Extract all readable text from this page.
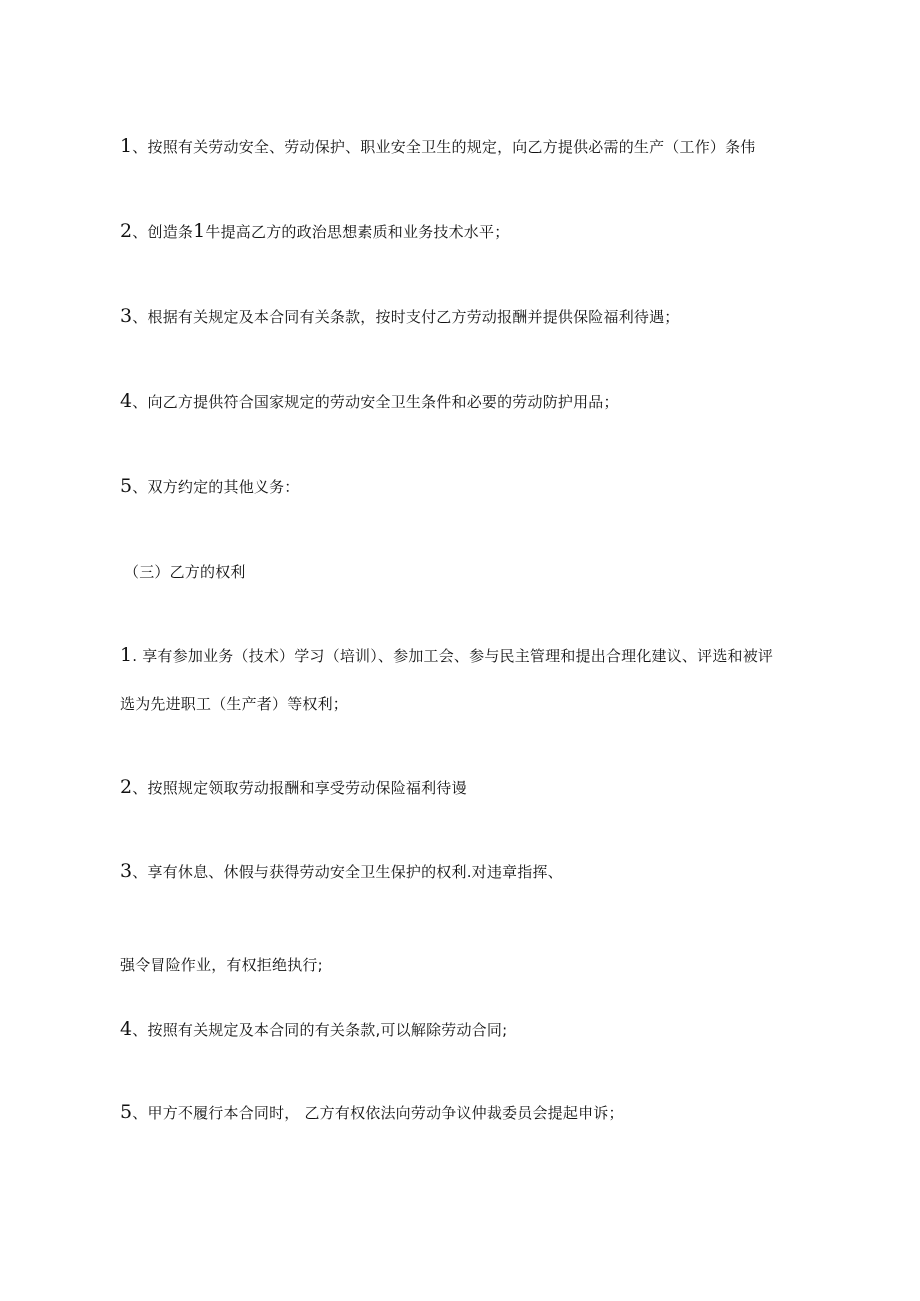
1、按照有关劳动安全、劳动保护、职业安全卫生的规定，向乙方提供必需的生产（工作）条伟
2、创造条1牛提高乙方的政治思想素质和业务技术水平；
3、根据有关规定及本合同有关条款，按时支付乙方劳动报酬并提供保险福利待遇；
4、向乙方提供符合国家规定的劳动安全卫生条件和必要的劳动防护用品；
5、双方约定的其他义务：
（三）乙方的权利
1. 享有参加业务（技术）学习（培训）、参加工会、参与民主管理和提出合理化建议、评选和被评
选为先进职工（生产者）等权利；
2、按照规定领取劳动报酬和享受劳动保险福利待谩
3、享有休息、休假与获得劳动安全卫生保护的权利.对违章指挥、
强令冒险作业，有权拒绝执行;
4、按照有关规定及本合同的有关条款,可以解除劳动合同;
5、甲方不履行本合同时， 乙方有权依法向劳动争议仲裁委员会提起申诉；
